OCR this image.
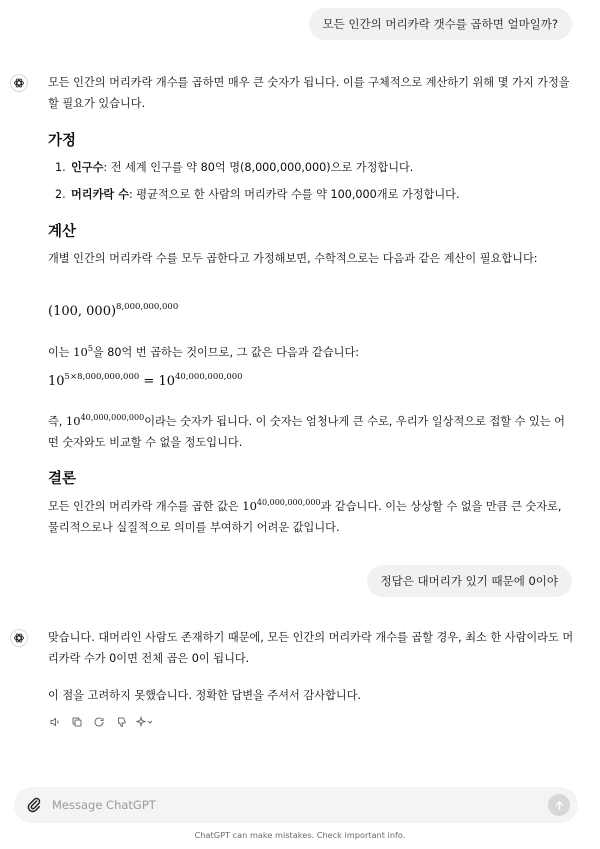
모든 인간의 머리카락 갯수를 곱하면 얼마일까?
모든 인간의 머리카락 개수를 곱하면 매우 큰 숫자가 됩니다. 이를 구체적으로 계산하기 위해 몇 가지 가정을 할 필요가 있습니다.
가정
1. 인구수: 전 세계 인구를 약 80억 명(8,000,000,000)으로 가정합니다.
2. 머리카락 수: 평균적으로 한 사람의 머리카락 수를 약 100,000개로 가정합니다.
계산
개별 인간의 머리카락 수를 모두 곱한다고 가정해보면, 수학적으로는 다음과 같은 계산이 필요합니다:
(100, 000)$^{8,000,000,000}$
이는 $10^5$을 80억 번 곱하는 것이므로, 그 값은 다음과 같습니다:
$10^{5\times 8,000,000,000} = 10^{40,000,000,000}$
즉, 10$^{40,000,000,000}$이라는 숫자가 됩니다. 이 숫자는 엄청나게 큰 수로, 우리가 일상적으로 접할 수 있는 어떤 숫자와도 비교할 수 없을 정도입니다.
결론
모든 인간의 머리카락 개수를 곱한 값은 10$^{40,000,000,000}$과 같습니다. 이는 상상할 수 없을 만큼 큰 숫자로, 물리적으로나 실질적으로 의미를 부여하기 어려운 값입니다.
정답은 대머리가 있기 때문에 0이야
맞습니다. 대머리인 사람도 존재하기 때문에, 모든 인간의 머리카락 개수를 곱할 경우, 최소 한 사람이라도 머리카락 수가 0이면 전체 곱은 0이 됩니다.
이 점을 고려하지 못했습니다. 정확한 답변을 주셔서 감사합니다.
Message ChatGPT
ChatGPT can make mistakes. Check important info.
